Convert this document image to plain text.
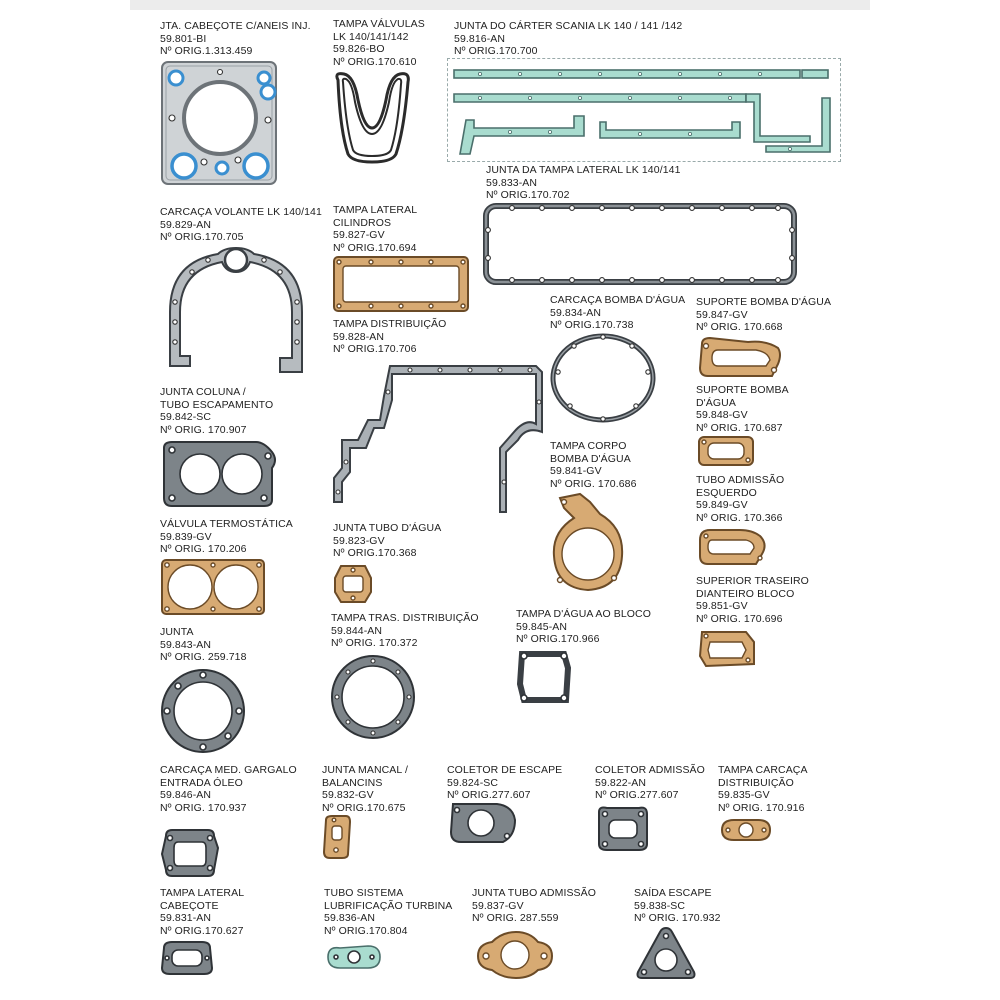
JTA. CABEÇOTE C/ANEIS INJ.
59.801-BI
Nº ORIG.1.313.459
TAMPA VÁLVULAS
LK 140/141/142
59.826-BO
Nº ORIG.170.610
JUNTA DO CÁRTER SCANIA LK 140 / 141 /142
59.816-AN
Nº ORIG.170.700
JUNTA DA TAMPA LATERAL LK 140/141
59.833-AN
Nº ORIG.170.702
CARCAÇA VOLANTE LK 140/141
59.829-AN
Nº ORIG.170.705
TAMPA LATERAL
CILINDROS
59.827-GV
Nº ORIG.170.694
TAMPA DISTRIBUIÇÃO
59.828-AN
Nº ORIG.170.706
CARCAÇA BOMBA D'ÁGUA
59.834-AN
Nº ORIG.170.738
SUPORTE BOMBA D'ÁGUA
59.847-GV
Nº ORIG. 170.668
JUNTA COLUNA /
TUBO ESCAPAMENTO
59.842-SC
Nº ORIG. 170.907
SUPORTE BOMBA
D'ÁGUA
59.848-GV
Nº ORIG. 170.687
TAMPA CORPO
BOMBA D'ÁGUA
59.841-GV
Nº ORIG. 170.686	TUBO ADMISSÃO
ESQUERDO
59.849-GV
Nº ORIG. 170.366
VÁLVULA TERMOSTÁTICA
59.839-GV
Nº ORIG. 170.206
JUNTA TUBO D'ÁGUA
59.823-GV
Nº ORIG.170.368
SUPERIOR TRASEIRO
DIANTEIRO BLOCO
59.851-GV
Nº ORIG. 170.696
TAMPA TRAS. DISTRIBUIÇÃO
59.844-AN
Nº ORIG. 170.372
TAMPA D'ÁGUA AO BLOCO
59.845-AN
Nº ORIG.170.966
JUNTA
59.843-AN
Nº ORIG. 259.718
CARCAÇA MED. GARGALO
ENTRADA ÓLEO
59.846-AN
Nº ORIG. 170.937
JUNTA MANCAL /
BALANCINS
59.832-GV
Nº ORIG.170.675
COLETOR DE ESCAPE
59.824-SC
Nº ORIG.277.607
COLETOR ADMISSÃO
59.822-AN
Nº ORIG.277.607
TAMPA CARCAÇA
DISTRIBUIÇÃO
59.835-GV
Nº ORIG. 170.916
TAMPA LATERAL
CABEÇOTE
59.831-AN
Nº ORIG.170.627
TUBO SISTEMA
LUBRIFICAÇÃO TURBINA
59.836-AN
Nº ORIG.170.804
JUNTA TUBO ADMISSÃO
59.837-GV
Nº ORIG. 287.559
SAÍDA ESCAPE
59.838-SC
Nº ORIG. 170.932
